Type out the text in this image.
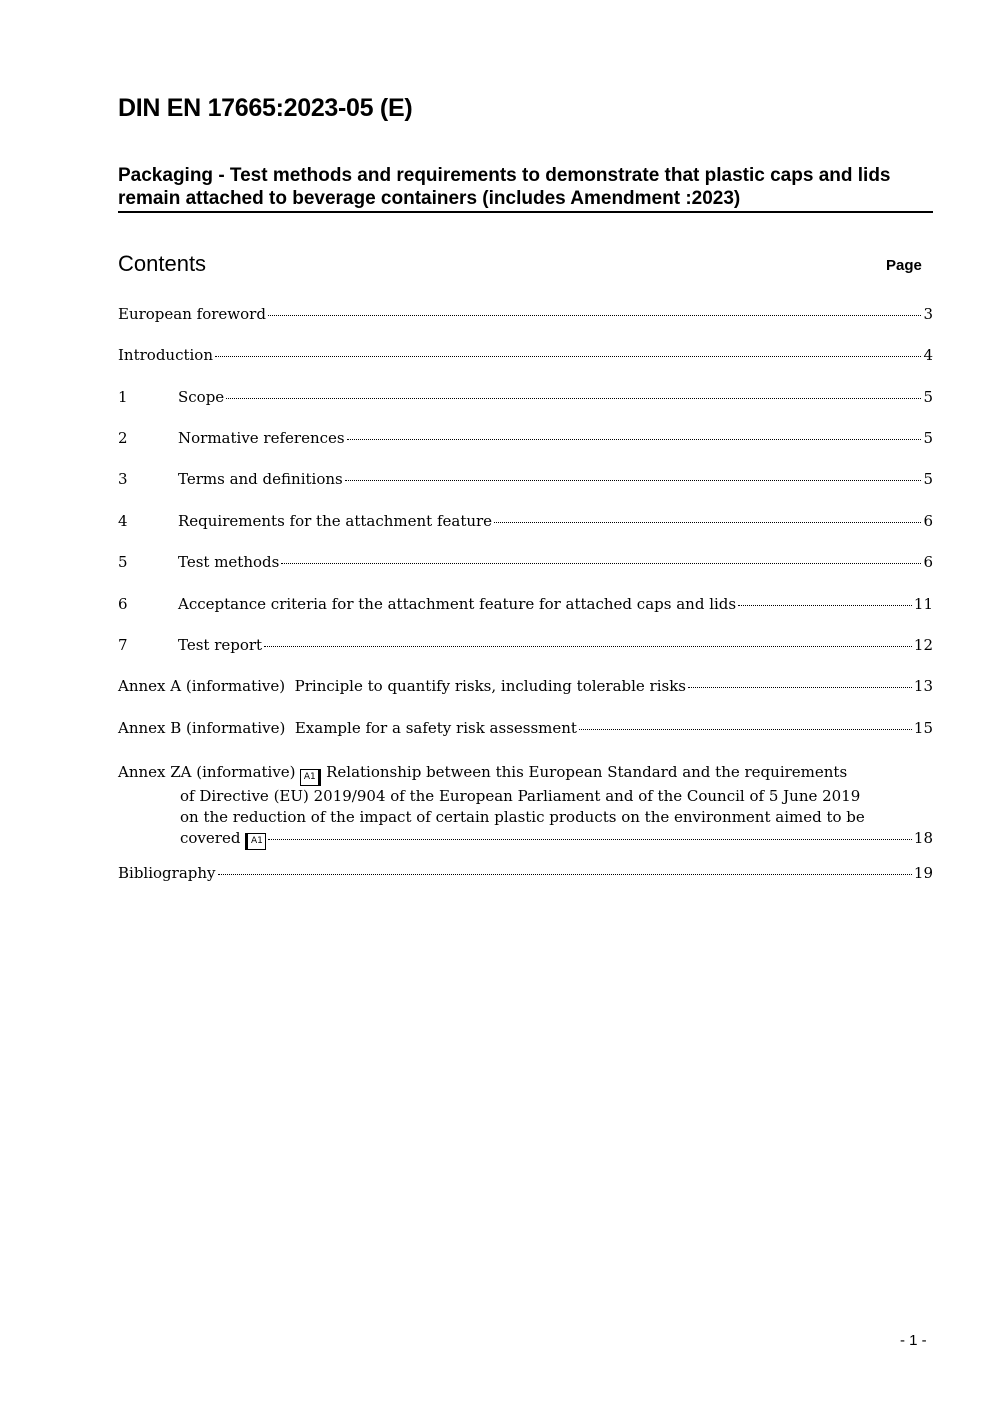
DIN EN 17665:2023-05 (E)
Packaging - Test methods and requirements to demonstrate that plastic caps and lids remain attached to beverage containers (includes Amendment :2023)
Contents	Page
European foreword	3
Introduction	4
1	Scope	5
2	Normative references	5
3	Terms and definitions	5
4	Requirements for the attachment feature	6
5	Test methods	6
6	Acceptance criteria for the attachment feature for attached caps and lids	11
7	Test report	12
Annex A (informative)  Principle to quantify risks, including tolerable risks	13
Annex B (informative)  Example for a safety risk assessment	15
Annex ZA (informative) A1 Relationship between this European Standard and the requirements
of Directive (EU) 2019/904 of the European Parliament and of the Council of 5 June 2019
on the reduction of the impact of certain plastic products on the environment aimed to be
covered	A1	18
Bibliography	19
- 1 -
